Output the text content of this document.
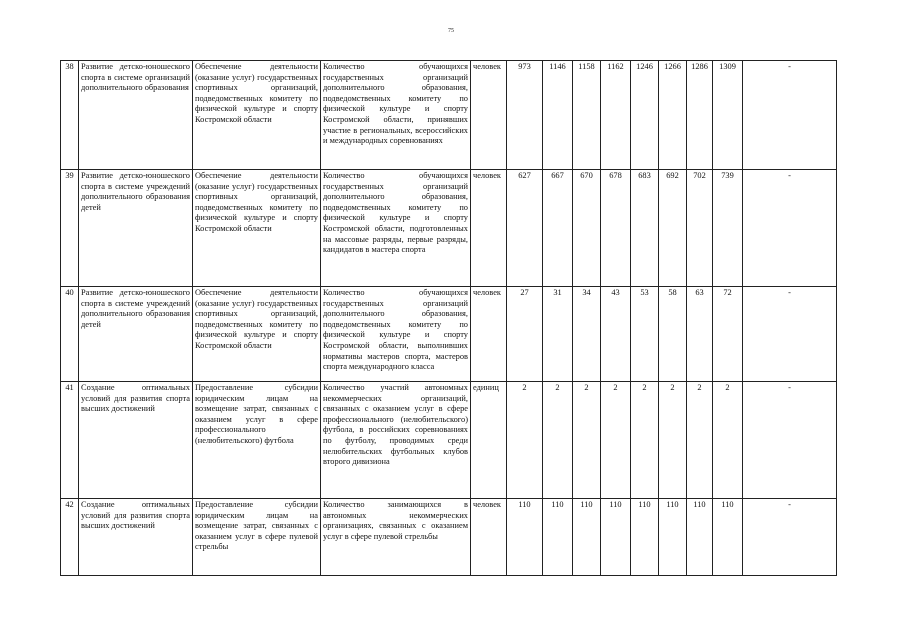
75
38	Развитие детско-юношеского спорта в системе организаций дополнительного образования	Обеспечение деятельности (оказание услуг) государственных спортивных организаций, подведомственных комитету по физической культуре и спорту Костромской области	Количество обучающихся государственных организаций дополнительного образования, подведомственных комитету по физической культуре и спорту Костромской области, принявших участие в региональных, всероссийских и международных соревнованиях	человек	973	1146	1158	1162	1246	1266	1286	1309	-
39	Развитие детско-юношеского спорта в системе учреждений дополнительного образования детей	Обеспечение деятельности (оказание услуг) государственных спортивных организаций, подведомственных комитету по физической культуре и спорту Костромской области	Количество обучающихся государственных организаций дополнительного образования, подведомственных комитету по физической культуре и спорту Костромской области, подготовленных на массовые разряды, первые разряды, кандидатов в мастера спорта	человек	627	667	670	678	683	692	702	739	-
40	Развитие детско-юношеского спорта в системе учреждений дополнительного образования детей	Обеспечение деятельности (оказание услуг) государственных спортивных организаций, подведомственных комитету по физической культуре и спорту Костромской области	Количество обучающихся государственных организаций дополнительного образования, подведомственных комитету по физической культуре и спорту Костромской области, выполнивших нормативы мастеров спорта, мастеров спорта международного класса	человек	27	31	34	43	53	58	63	72	-
41	Создание оптимальных условий для развития спорта высших достижений	Предоставление субсидии юридическим лицам на возмещение затрат, связанных с оказанием услуг в сфере профессионального (нелюбительского) футбола	Количество участий автономных некоммерческих организаций, связанных с оказанием услуг в сфере профессионального (нелюбительского) футбола, в российских соревнованиях по футболу, проводимых среди нелюбительских футбольных клубов второго дивизиона	единиц	2	2	2	2	2	2	2	2	-
42	Создание оптимальных условий для развития спорта высших достижений	Предоставление субсидии юридическим лицам на возмещение затрат, связанных с оказанием услуг в сфере пулевой стрельбы	Количество занимающихся в автономных некоммерческих организациях, связанных с оказанием услуг в сфере пулевой стрельбы	человек	110	110	110	110	110	110	110	110	-
